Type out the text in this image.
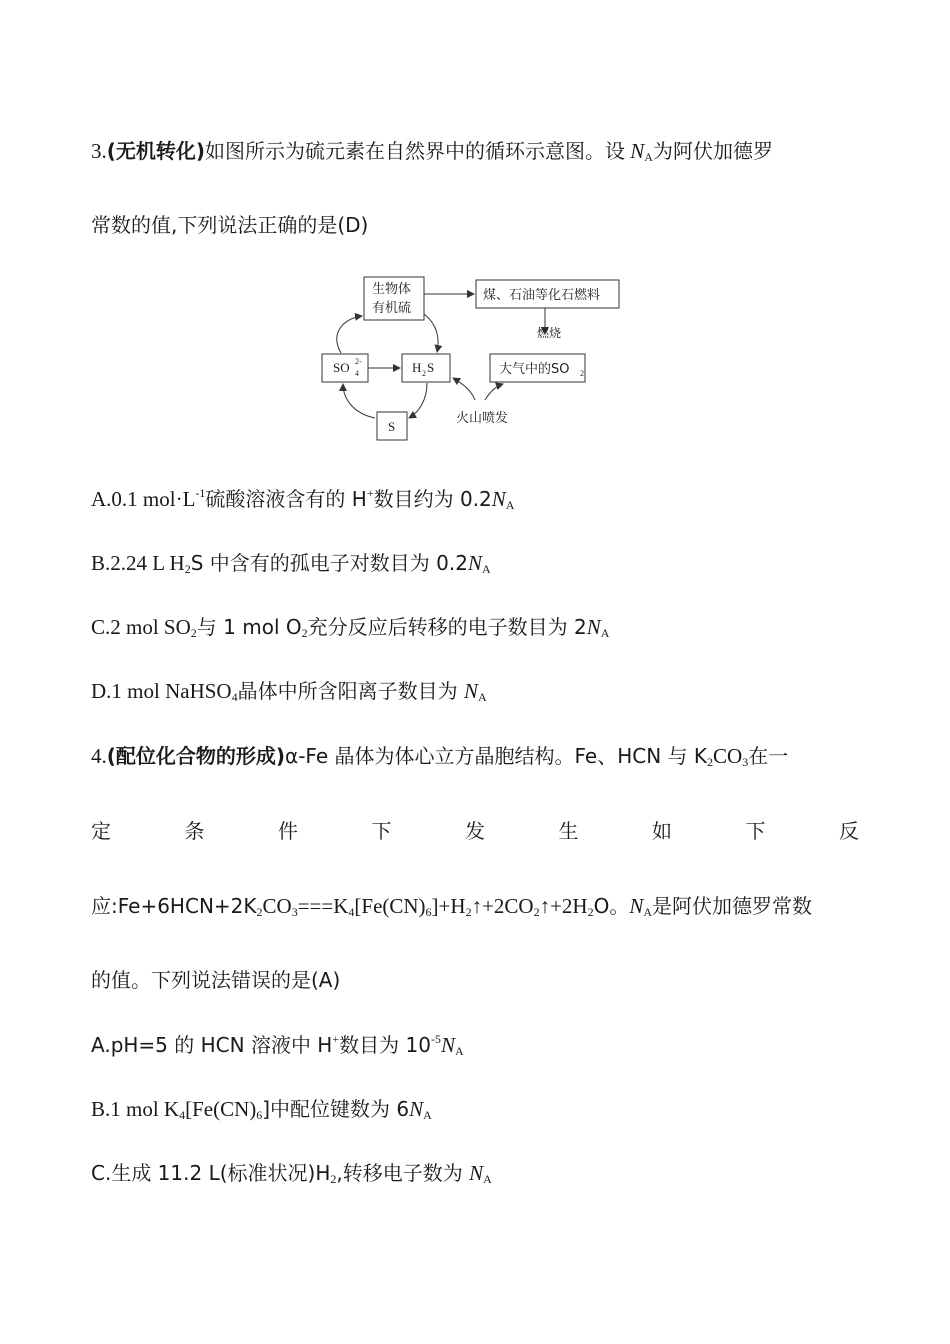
3.(无机转化)如图所示为硫元素在自然界中的循环示意图。设 $N_A$为阿伏加德罗
常数的值,下列说法正确的是(D)
生物体
有机硫
煤、石油等化石燃料
燃烧
大气中的SO 2
SO 4
2-	H 2 S
S
火山喷发
A.0.1 $mol\cdot L^{-1}$硫酸溶液含有的 H+数目约为 $0.2N_A$
B.2.24 L $H_2S$ 中含有的孤电子对数目为 $0.2N_A$
C.2 mol $SO_2$与 1 mol $O_2$充分反应后转移的电子数目为 $2N_A$
D.1 mol NaHSO$_4$晶体中所含阳离子数目为 $N_A$
4.(配位化合物的形成)α-Fe 晶体为体心立方晶胞结构。Fe、HCN 与 $K_2CO_3$在一
定	条	件	下	发	生	如	下	反
应$:Fe+6HCN+2K_2CO_3===K_4[Fe(CN)_6]+H_2↑+2CO_2↑+2H_2O$。$N_A$是阿伏加德罗常数
的值。下列说法错误的是(A)
A.pH=5 的 HCN 溶液中 H+数目为 $10^{-5}N_A$
B.1 mol $K_4[Fe(CN)_6]$中配位键数为 $6N_A$
C.生成 11.2 L(标准状况)$H_2$,转移电子数为 $N_A$
